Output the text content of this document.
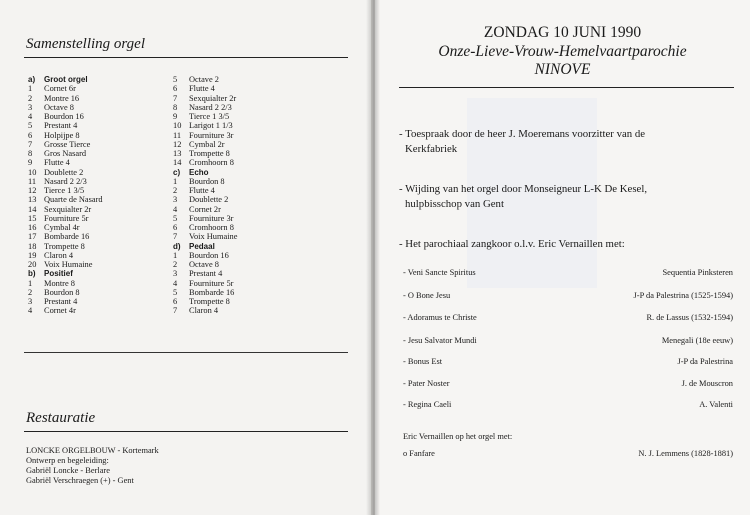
Samenstelling orgel
a)	Groot orgel
1	Cornet 6r
2	Montre 16
3	Octave 8
4	Bourdon 16
5	Prestant 4
6	Holpijpe 8
7	Grosse Tierce
8	Gros Nasard
9	Flutte 4
10 Doublette 2
11 Nasard 2 2/3
12 Tierce 1 3/5
13 Quarte de Nasard
14 Sexquialter 2r
15 Fourniture 5r
16 Cymbal 4r
17 Bombarde 16
18 Trompette 8
19 Claron 4
20 Voix Humaine
b)	Positief
1	Montre 8
2	Bourdon 8
3	Prestant 4
4	Cornet 4r
5	Octave 2
6	Flutte 4
7	Sexquialter 2r
8	Nasard 2 2/3
9	Tierce 1 3/5
10 Larigot 1 1/3
11 Fourniture 3r
12 Cymbal 2r
13 Trompette 8
14 Cromhoorn 8
c)	Echo
1	Bourdon 8
2	Flutte 4
3	Doublette 2
4	Cornet 2r
5	Fourniture 3r
6	Cromhoorn 8
7	Voix Humaine
d)	Pedaal
1	Bourdon 16
2	Octave 8
3	Prestant 4
4	Fourniture 5r
5	Bombarde 16
6	Trompette 8
7	Claron 4
Restauratie
LONCKE ORGELBOUW - Kortemark
Ontwerp en begeleiding:
Gabriël Loncke - Berlare
Gabriël Verschraegen (+) - Gent
ZONDAG 10 JUNI 1990
Onze-Lieve-Vrouw-Hemelvaartparochie
NINOVE
- Toespraak door de heer J. Moeremans voorzitter van de
Kerkfabriek
- Wijding van het orgel door Monseigneur L-K De Kesel,
hulpbisschop van Gent
- Het parochiaal zangkoor o.l.v. Eric Vernaillen met:
- Veni Sancte Spiritus	Sequentia Pinksteren
- O Bone Jesu	J-P da Palestrina (1525-1594)
- Adoramus te Christe	R. de Lassus (1532-1594)
- Jesu Salvator Mundi	Menegali (18e eeuw)
- Bonus Est	J-P da Palestrina
- Pater Noster	J. de Mouscron
- Regina Caeli	A. Valenti
Eric Vernaillen op het orgel met:
o Fanfare	N. J. Lemmens (1828-1881)
